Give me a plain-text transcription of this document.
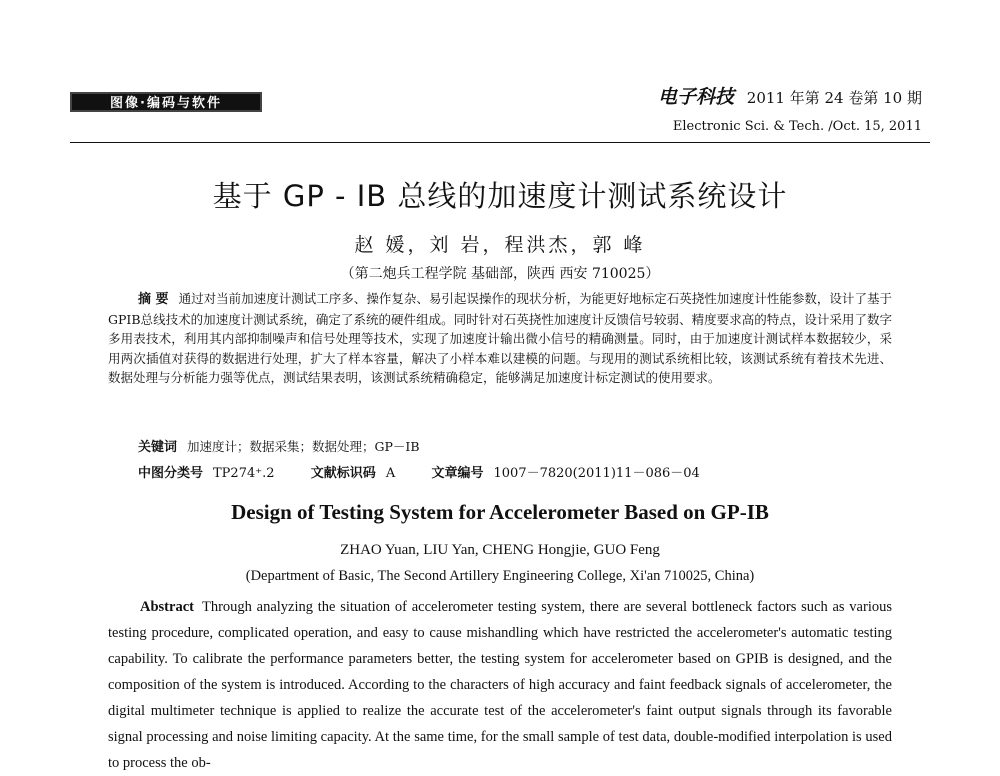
图像·编码与软件	电子科技 2011 年第 24 卷第 10 期
Electronic Sci. & Tech. /Oct. 15, 2011
基于 GP - IB 总线的加速度计测试系统设计
赵 媛，刘 岩，程洪杰，郭 峰
（第二炮兵工程学院 基础部，陕西 西安 710025）
摘 要 通过对当前加速度计测试工序多、操作复杂、易引起误操作的现状分析，为能更好地标定石英挠性加速度计性能参数，设计了基于GPIB总线技术的加速度计测试系统，确定了系统的硬件组成。同时针对石英挠性加速度计反馈信号较弱、精度要求高的特点，设计采用了数字多用表技术，利用其内部抑制噪声和信号处理等技术，实现了加速度计输出微小信号的精确测量。同时，由于加速度计测试样本数据较少，采用两次插值对获得的数据进行处理，扩大了样本容量，解决了小样本难以建模的问题。与现用的测试系统相比较，该测试系统有着技术先进、数据处理与分析能力强等优点，测试结果表明，该测试系统精确稳定，能够满足加速度计标定测试的使用要求。
关键词 加速度计；数据采集；数据处理；GP－IB
中图分类号 TP274⁺.2	文献标识码 A	文章编号 1007－7820(2011)11－086－04
Design of Testing System for Accelerometer Based on GP-IB
ZHAO Yuan, LIU Yan, CHENG Hongjie, GUO Feng
(Department of Basic, The Second Artillery Engineering College, Xi'an 710025, China)
Abstract Through analyzing the situation of accelerometer testing system, there are several bottleneck factors such as various testing procedure, complicated operation, and easy to cause mishandling which have restricted the accelerometer's automatic testing capability. To calibrate the performance parameters better, the testing system for accelerometer based on GPIB is designed, and the composition of the system is introduced. According to the characters of high accuracy and faint feedback signals of accelerometer, the digital multimeter technique is applied to realize the accurate test of the accelerometer's faint output signals through its favorable signal processing and noise limiting capacity. At the same time, for the small sample of test data, double-modified interpolation is used to process the ob-
